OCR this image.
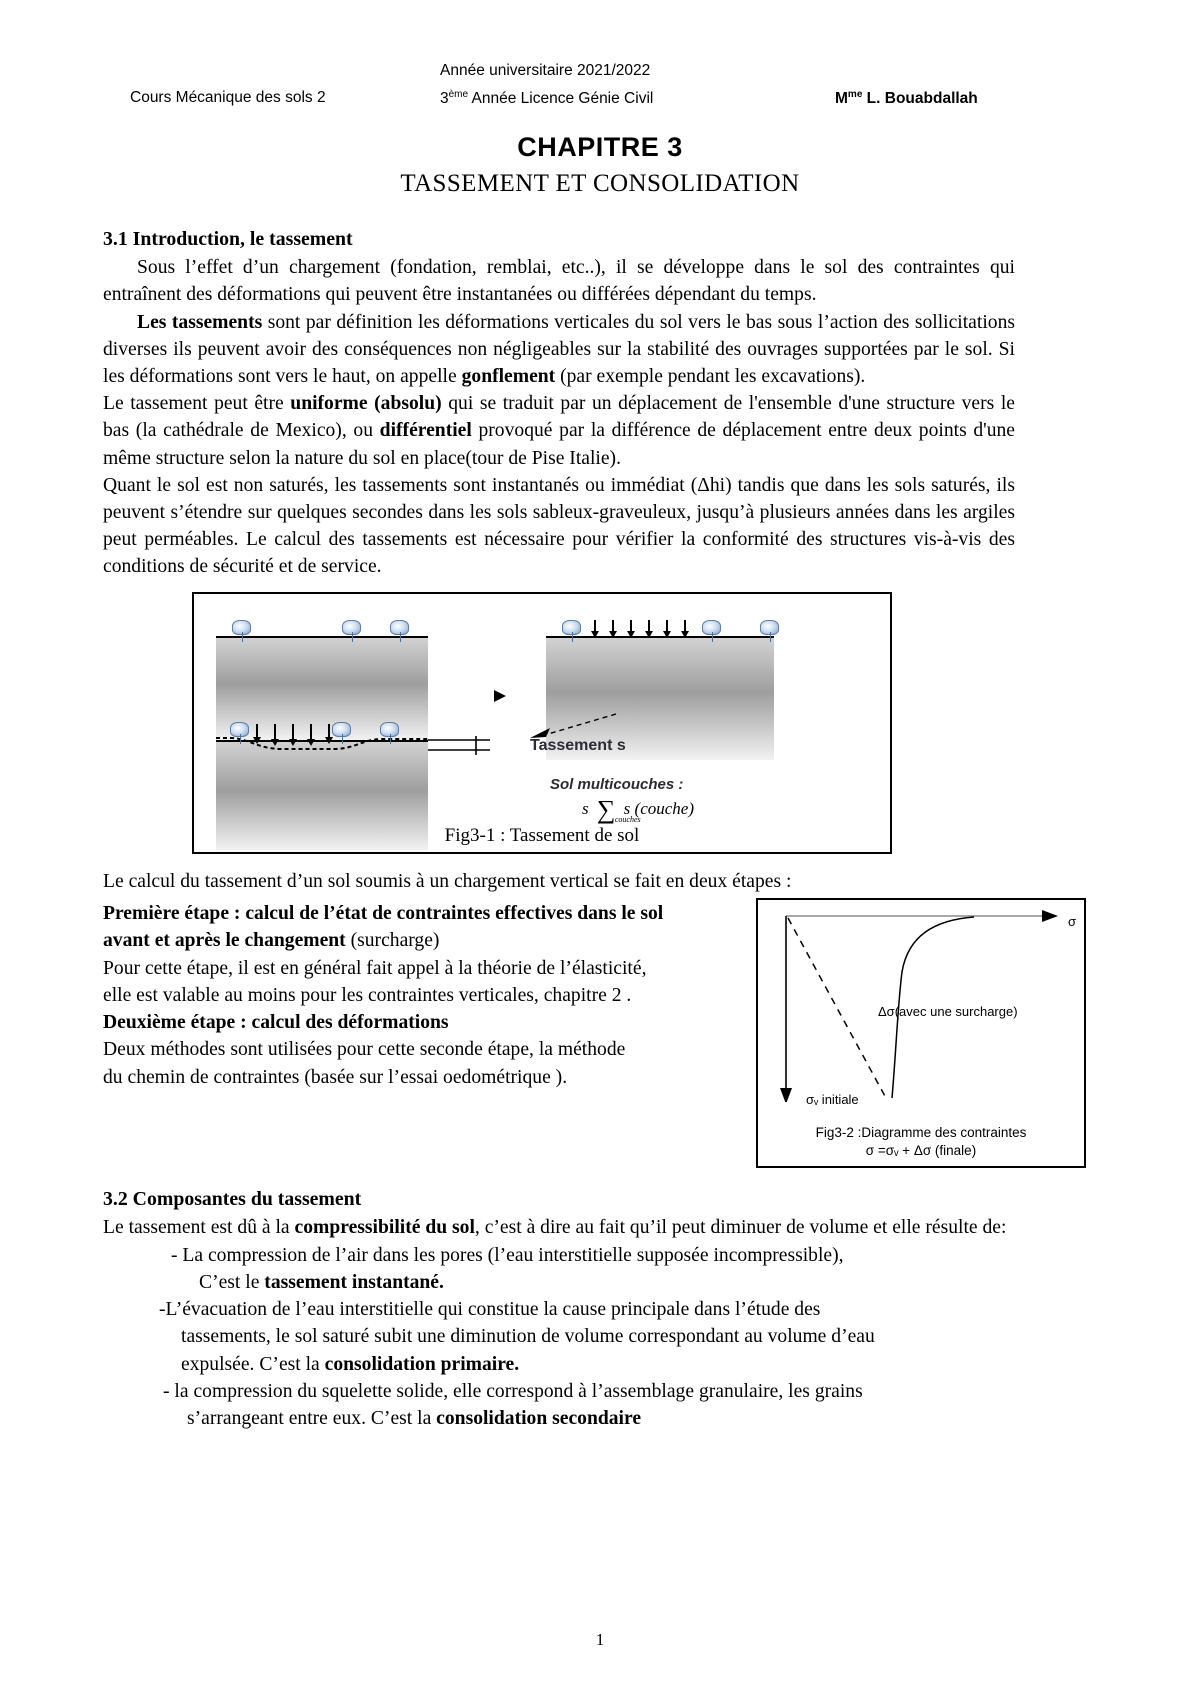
Année universitaire 2021/2022
Cours Mécanique des sols 2	3ème Année Licence Génie Civil	$M^{me}$ L. Bouabdallah
CHAPITRE 3
TASSEMENT ET CONSOLIDATION
3.1 Introduction, le tassement

Sous l’effet d’un chargement (fondation, remblai, etc..), il se développe dans le sol des contraintes qui entraînent des déformations qui peuvent être instantanées ou différées dépendant du temps.

Les tassements sont par définition les déformations verticales du sol vers le bas sous l’action des sollicitations diverses ils peuvent avoir des conséquences non négligeables sur la stabilité des ouvrages supportées par le sol. Si les déformations sont vers le haut, on appelle gonflement (par exemple pendant les excavations).

Le tassement peut être uniforme (absolu) qui se traduit par un déplacement de l'ensemble d'une structure vers le bas (la cathédrale de Mexico), ou différentiel provoqué par la différence de déplacement entre deux points d'une même structure selon la nature du sol en place(tour de Pise Italie).

Quant le sol est non saturés, les tassements sont instantanés ou immédiat (Δhi) tandis que dans les sols saturés, ils peuvent s’étendre sur quelques secondes dans les sols sableux-graveuleux, jusqu’à plusieurs années dans les argiles peut perméables. Le calcul des tassements est nécessaire pour vérifier la conformité des structures vis-à-vis des conditions de sécurité et de service.

Tassement s
Sol multicouches :
s ∑ couches
s (couche)
Fig3-1 : Tassement de sol

Le calcul du tassement d’un sol soumis à un chargement vertical se fait en deux étapes :

Première étape : calcul de l’état de contraintes effectives dans le sol

avant et après le changement (surcharge)

Pour cette étape, il est en général fait appel à la théorie de l’élasticité,

elle est valable au moins pour les contraintes verticales, chapitre 2 .

Deuxième étape : calcul des déformations

Deux méthodes sont utilisées pour cette seconde étape, la méthode

du chemin de contraintes (basée sur l’essai oedométrique ).

σ
Δσ(avec une surcharge)
σᵥ initiale
Fig3-2 :Diagramme des contraintes
σ =σᵥ + Δσ (finale)
3.2 Composantes du tassement

Le tassement est dû à la compressibilité du sol, c’est à dire au fait qu’il peut diminuer de volume et elle résulte de:

- La compression de l’air dans les pores (l’eau interstitielle supposée incompressible),
C’est le tassement instantané.
-L’évacuation de l’eau interstitielle qui constitue la cause principale dans l’étude des
tassements, le sol saturé subit une diminution de volume correspondant au volume d’eau
expulsée. C’est la consolidation primaire.
- la compression du squelette solide, elle correspond à l’assemblage granulaire, les grains
s’arrangeant entre eux. C’est la consolidation secondaire
1
